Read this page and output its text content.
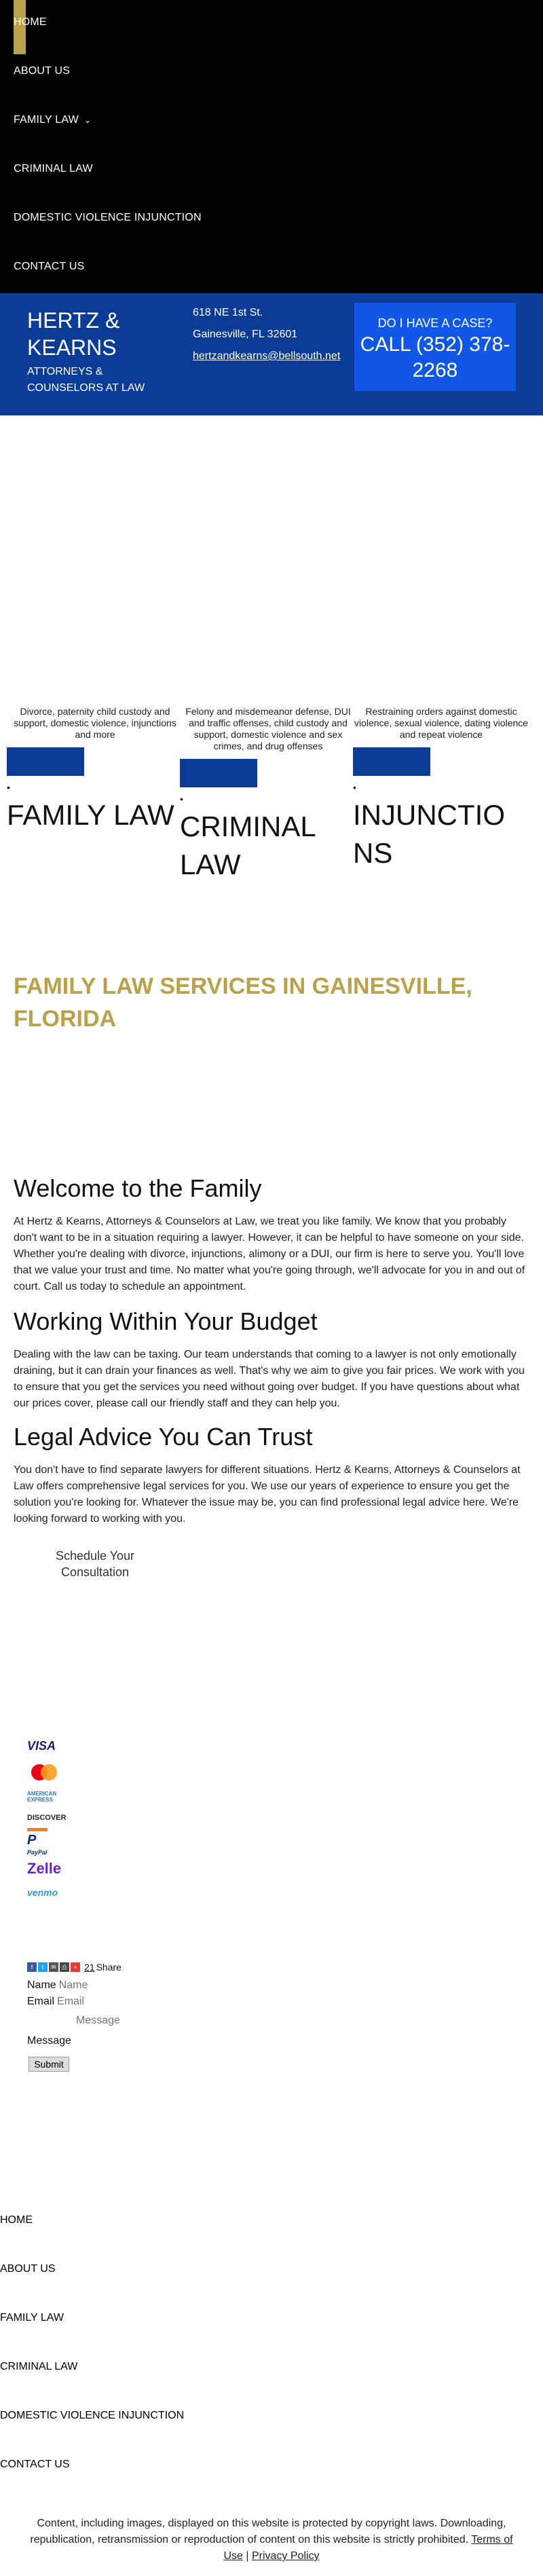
HOME
ABOUT US
FAMILY LAW ⌄
CRIMINAL LAW
DOMESTIC VIOLENCE INJUNCTION
CONTACT US
HERTZ & KEARNS
ATTORNEYS & COUNSELORS AT LAW
618 NE 1st St.
Gainesville, FL 32601
hertzandkearns@bellsouth.net
DO I HAVE A CASE?
CALL (352) 378-2268
Divorce, paternity child custody and support, domestic violence, injunctions and more
•
FAMILY LAW
Felony and misdemeanor defense, DUI and traffic offenses, child custody and support, domestic violence and sex crimes, and drug offenses
•
CRIMINAL LAW
Restraining orders against domestic violence, sexual violence, dating violence and repeat violence
•
INJUNCTIONS
FAMILY LAW SERVICES IN GAINESVILLE, FLORIDA
Welcome to the Family

At Hertz & Kearns, Attorneys & Counselors at Law, we treat you like family. We know that you probably don't want to be in a situation requiring a lawyer. However, it can be helpful to have someone on your side. Whether you're dealing with divorce, injunctions, alimony or a DUI, our firm is here to serve you. You'll love that we value your trust and time. No matter what you're going through, we'll advocate for you in and out of court. Call us today to schedule an appointment.

Working Within Your Budget

Dealing with the law can be taxing. Our team understands that coming to a lawyer is not only emotionally draining, but it can drain your finances as well. That's why we aim to give you fair prices. We work with you to ensure that you get the services you need without going over budget. If you have questions about what our prices cover, please call our friendly staff and they can help you.

Legal Advice You Can Trust

You don't have to find separate lawyers for different situations. Hertz & Kearns, Attorneys & Counselors at Law offers comprehensive legal services for you. We use our years of experience to ensure you get the solution you're looking for. Whatever the issue may be, you can find professional legal advice here. We're looking forward to working with you.

Schedule Your Consultation
VISA
AMERICAN EXPRESS
DISCOVER
P
PayPal
Zelle
venmo
f	t	✉ ⎙	+ 21 Share
Name
Name
Email
Email
Message
Message
Submit
HOME
ABOUT US
FAMILY LAW
CRIMINAL LAW
DOMESTIC VIOLENCE INJUNCTION
CONTACT US
Content, including images, displayed on this website is protected by copyright laws. Downloading, republication, retransmission or reproduction of content on this website is strictly prohibited. Terms of Use | Privacy Policy
